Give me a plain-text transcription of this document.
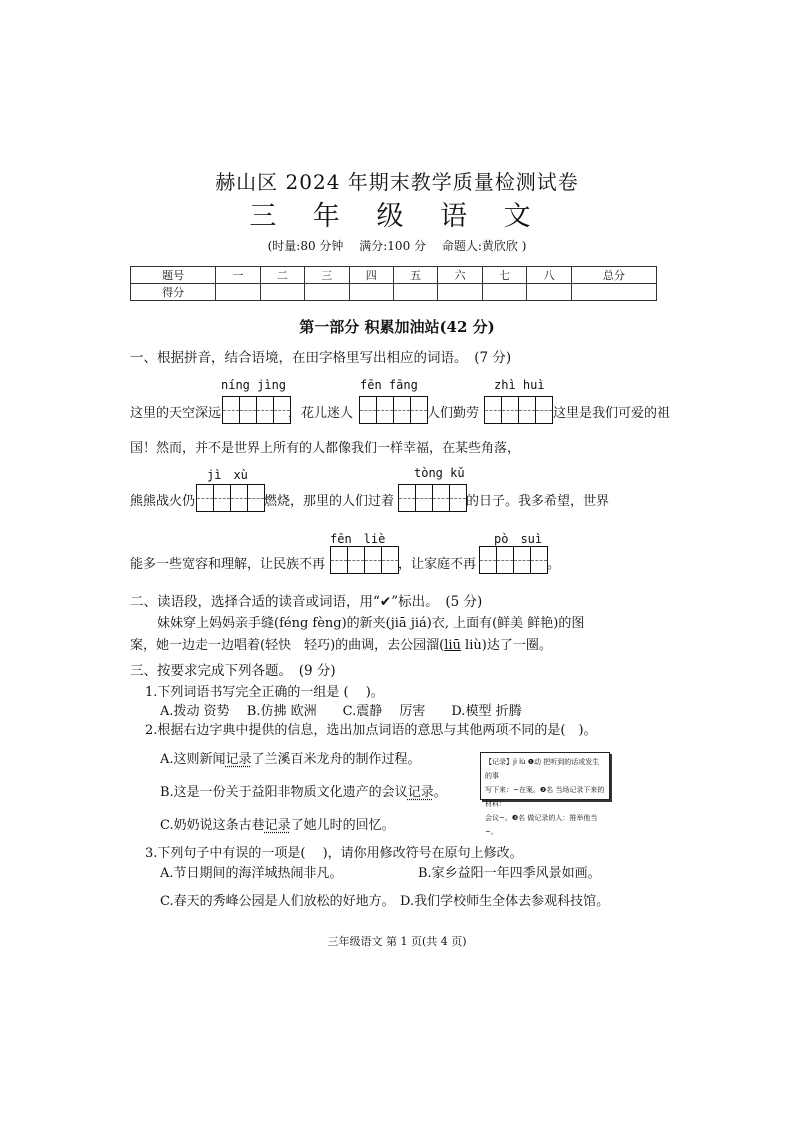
赫山区 2024 年期末教学质量检测试卷
三 年 级 语 文
(时量:80 分钟 满分:100 分 命题人:黄欣欣 )
题号	一	二	三	四	五	六	七	八	总分
得分									
第一部分 积累加油站(42 分)
一、根据拼音，结合语境，在田字格里写出相应的词语。　(7 分)
níng jìng	fēn fāng	zhì huì
这里的天空深远	，花儿迷人	人们勤劳	这里是我们可爱的祖
国！然而，并不是世界上所有的人都像我们一样幸福，在某些角落，
jì　xù	tòng kǔ
熊熊战火仍	燃烧，那里的人们过着	的日子。我多希望，世界
fēn　liè	pò　suì
能多一些宽容和理解，让民族不再	，让家庭不再	。
二、读语段，选择合适的读音或词语，用“✔”标出。　(5 分)
妹妹穿上妈妈亲手缝(féng fèng)的新夹(jiā jiá)衣, 上面有(鲜美 鲜艳)的图
案，她一边走一边唱着(轻快　轻巧)的曲调，去公园溜(liū liù)达了一圈。
三、按要求完成下列各题。　(9 分)
1.下列词语书写完全正确的一组是 (　 )。
A.拨动 资势　 B.仿拂 欧洲　　C.震静　 厉害　　D.模型 折腾
2.根据右边字典中提供的信息，选出加点词语的意思与其他两项不同的是(　)。
A.这则新闻记录了兰溪百米龙舟的制作过程。
B.这是一份关于益阳非物质文化遗产的会议记录。
C.奶奶说这条古巷记录了她儿时的回忆。
【记录】jì lù ❶动 把听到的话或发生的事
写下来：~在案。❷名 当场记录下来的材料：
会议~。❸名 做记录的人：推举他当~。
3.下列句子中有误的一项是(　 )，请你用修改符号在原句上修改。
A.节日期间的海洋城热闹非凡。	B.家乡益阳一年四季风景如画。
C.春天的秀峰公园是人们放松的好地方。 D.我们学校师生全体去参观科技馆。
三年级语文 第 1 页(共 4 页)
